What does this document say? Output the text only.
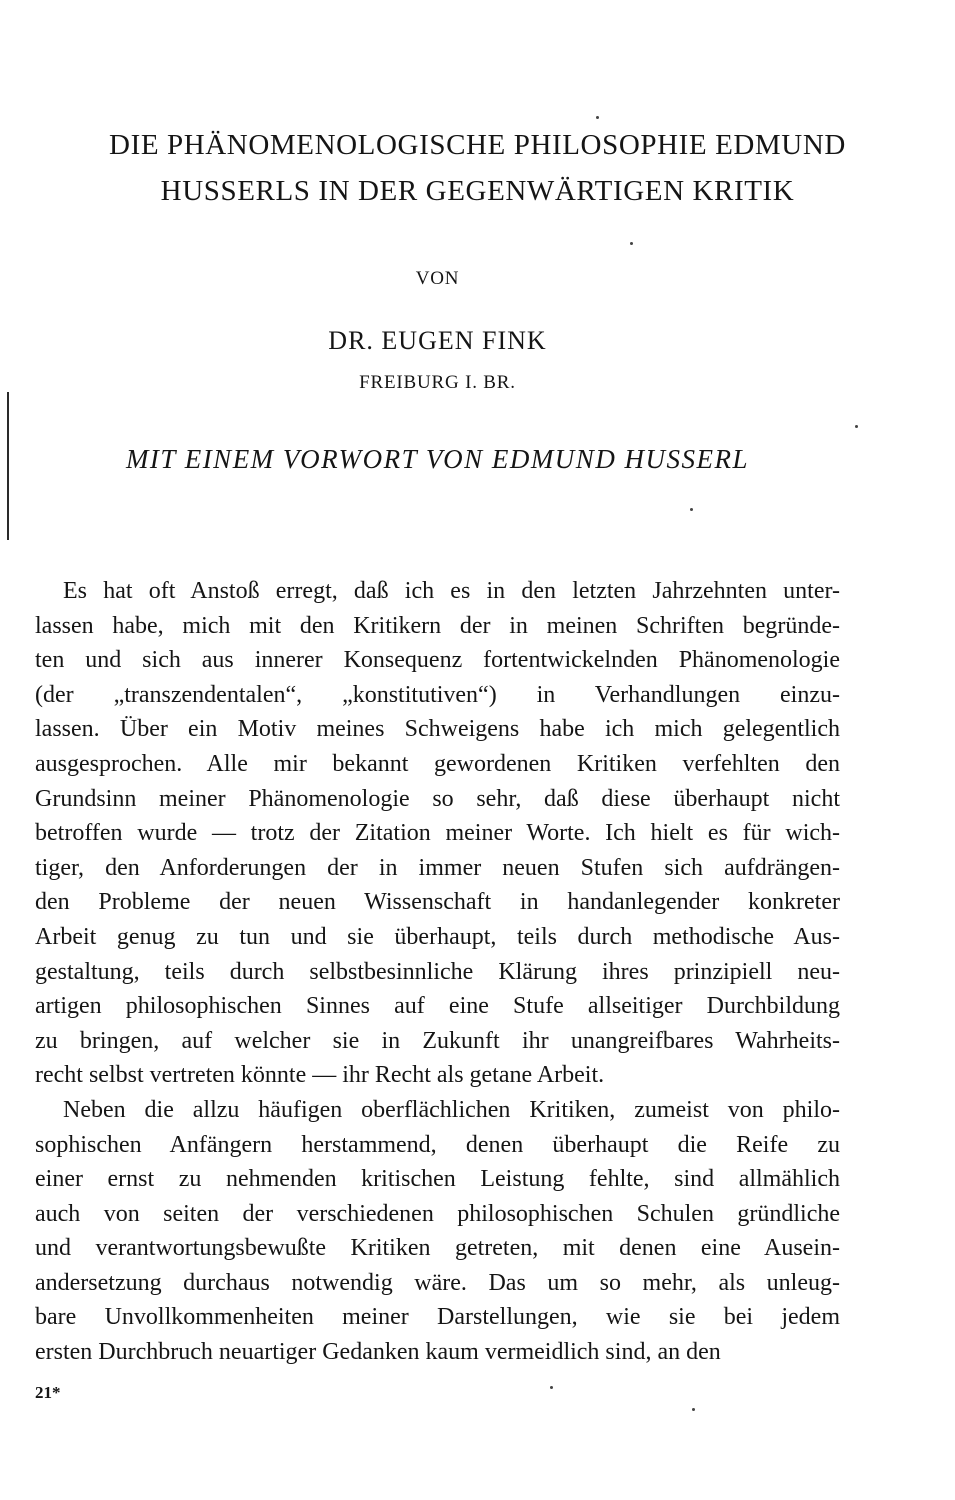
DIE PHÄNOMENOLOGISCHE PHILOSOPHIE EDMUND
HUSSERLS IN DER GEGENWÄRTIGEN KRITIK
VON
DR. EUGEN FINK
FREIBURG I. BR.
MIT EINEM VORWORT VON EDMUND HUSSERL

Es hat oft Anstoß erregt, daß ich es in den letzten Jahrzehnten unter-
lassen habe, mich mit den Kritikern der in meinen Schriften begründe-
ten und sich aus innerer Konsequenz fortentwickelnden Phänomenologie
(der „transzendentalen“, „konstitutiven“) in Verhandlungen einzu-
lassen. Über ein Motiv meines Schweigens habe ich mich gelegentlich
ausgesprochen. Alle mir bekannt gewordenen Kritiken verfehlten den
Grundsinn meiner Phänomenologie so sehr, daß diese überhaupt nicht
betroffen wurde — trotz der Zitation meiner Worte. Ich hielt es für wich-
tiger, den Anforderungen der in immer neuen Stufen sich aufdrängen-
den Probleme der neuen Wissenschaft in handanlegender konkreter
Arbeit genug zu tun und sie überhaupt, teils durch methodische Aus-
gestaltung, teils durch selbstbesinnliche Klärung ihres prinzipiell neu-
artigen philosophischen Sinnes auf eine Stufe allseitiger Durchbildung
zu bringen, auf welcher sie in Zukunft ihr unangreifbares Wahrheits-
recht selbst vertreten könnte — ihr Recht als getane Arbeit.

Neben die allzu häufigen oberflächlichen Kritiken, zumeist von philo-
sophischen Anfängern herstammend, denen überhaupt die Reife zu
einer ernst zu nehmenden kritischen Leistung fehlte, sind allmählich
auch von seiten der verschiedenen philosophischen Schulen gründliche
und verantwortungsbewußte Kritiken getreten, mit denen eine Ausein-
andersetzung durchaus notwendig wäre. Das um so mehr, als unleug-
bare Unvollkommenheiten meiner Darstellungen, wie sie bei jedem
ersten Durchbruch neuartiger Gedanken kaum vermeidlich sind, an den

21*
